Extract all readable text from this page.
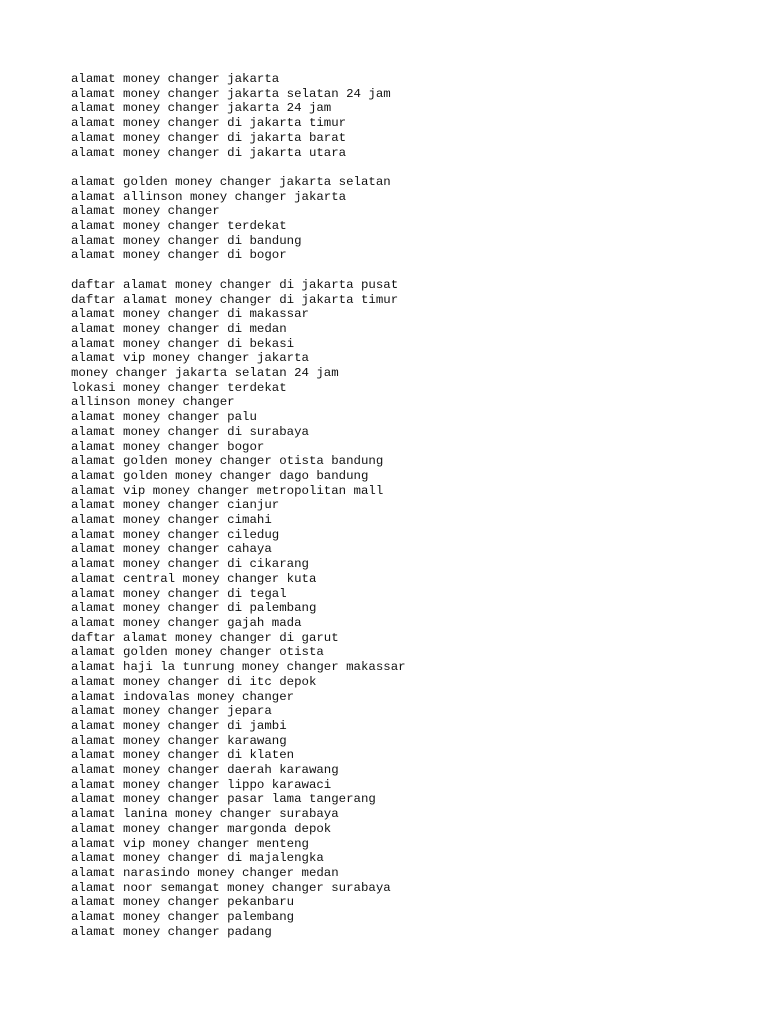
alamat money changer jakarta
alamat money changer jakarta selatan 24 jam
alamat money changer jakarta 24 jam
alamat money changer di jakarta timur
alamat money changer di jakarta barat
alamat money changer di jakarta utara
alamat golden money changer jakarta selatan
alamat allinson money changer jakarta
alamat money changer
alamat money changer terdekat
alamat money changer di bandung
alamat money changer di bogor
daftar alamat money changer di jakarta pusat
daftar alamat money changer di jakarta timur
alamat money changer di makassar
alamat money changer di medan
alamat money changer di bekasi
alamat vip money changer jakarta
money changer jakarta selatan 24 jam
lokasi money changer terdekat
allinson money changer
alamat money changer palu
alamat money changer di surabaya
alamat money changer bogor
alamat golden money changer otista bandung
alamat golden money changer dago bandung
alamat vip money changer metropolitan mall
alamat money changer cianjur
alamat money changer cimahi
alamat money changer ciledug
alamat money changer cahaya
alamat money changer di cikarang
alamat central money changer kuta
alamat money changer di tegal
alamat money changer di palembang
alamat money changer gajah mada
daftar alamat money changer di garut
alamat golden money changer otista
alamat haji la tunrung money changer makassar
alamat money changer di itc depok
alamat indovalas money changer
alamat money changer jepara
alamat money changer di jambi
alamat money changer karawang
alamat money changer di klaten
alamat money changer daerah karawang
alamat money changer lippo karawaci
alamat money changer pasar lama tangerang
alamat lanina money changer surabaya
alamat money changer margonda depok
alamat vip money changer menteng
alamat money changer di majalengka
alamat narasindo money changer medan
alamat noor semangat money changer surabaya
alamat money changer pekanbaru
alamat money changer palembang
alamat money changer padang
